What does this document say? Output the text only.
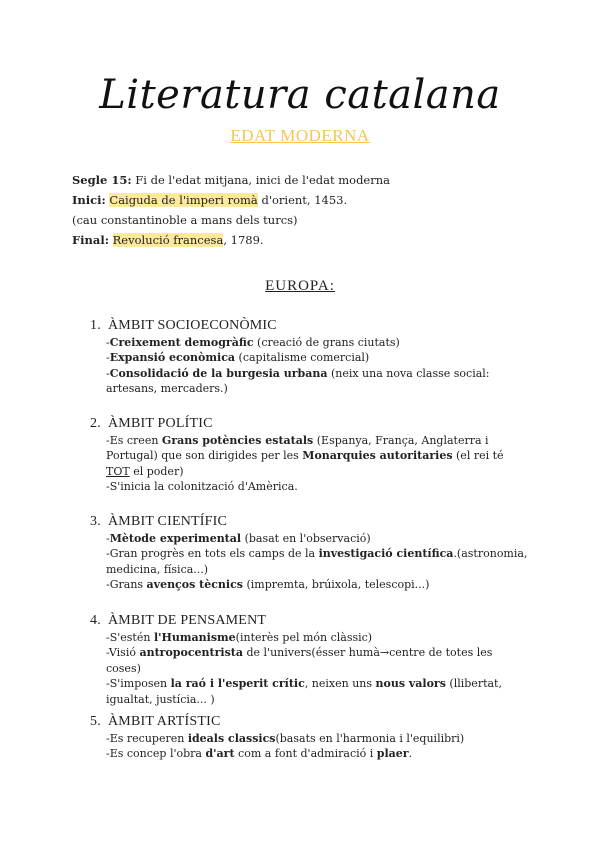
Literatura catalana
EDAT MODERNA

Segle 15: Fi de l'edat mitjana, inici de l'edat moderna

Inici: Caiguda de l'imperi romà d'orient, 1453.

(cau constantinoble a mans dels turcs)

Final: Revolució francesa, 1789.

EUROPA:
1. ÀMBIT SOCIOECONÒMIC
-Creixement demogràfic (creació de grans ciutats)
-Expansió econòmica (capitalisme comercial)
-Consolidació de la burgesia urbana (neix una nova classe social: artesans, mercaders.)
2. ÀMBIT POLÍTIC
-Es creen Grans potències estatals (Espanya, França, Anglaterra i Portugal) que son dirigides per les Monarquies autoritaries (el rei té TOT el poder)
-S'inicia la colonització d'Amèrica.
3. ÀMBIT CIENTÍFIC
-Mètode experimental (basat en l'observació)
-Gran progrès en tots els camps de la investigació científica.(astronomia, medicina, física...)
-Grans avenços tècnics (impremta, brúixola, telescopi...)
4. ÀMBIT DE PENSAMENT
-S'estén l'Humanisme(interès pel món clàssic)
-Visió antropocentrista de l'univers(ésser humà→centre de totes les coses)
-S'imposen la raó i l'esperit crític, neixen uns nous valors (llibertat, igualtat, justícia... )
5. ÀMBIT ARTÍSTIC
-Es recuperen ideals classics(basats en l'harmonia i l'equilibri)
-Es concep l'obra d'art com a font d'admiració i plaer.
